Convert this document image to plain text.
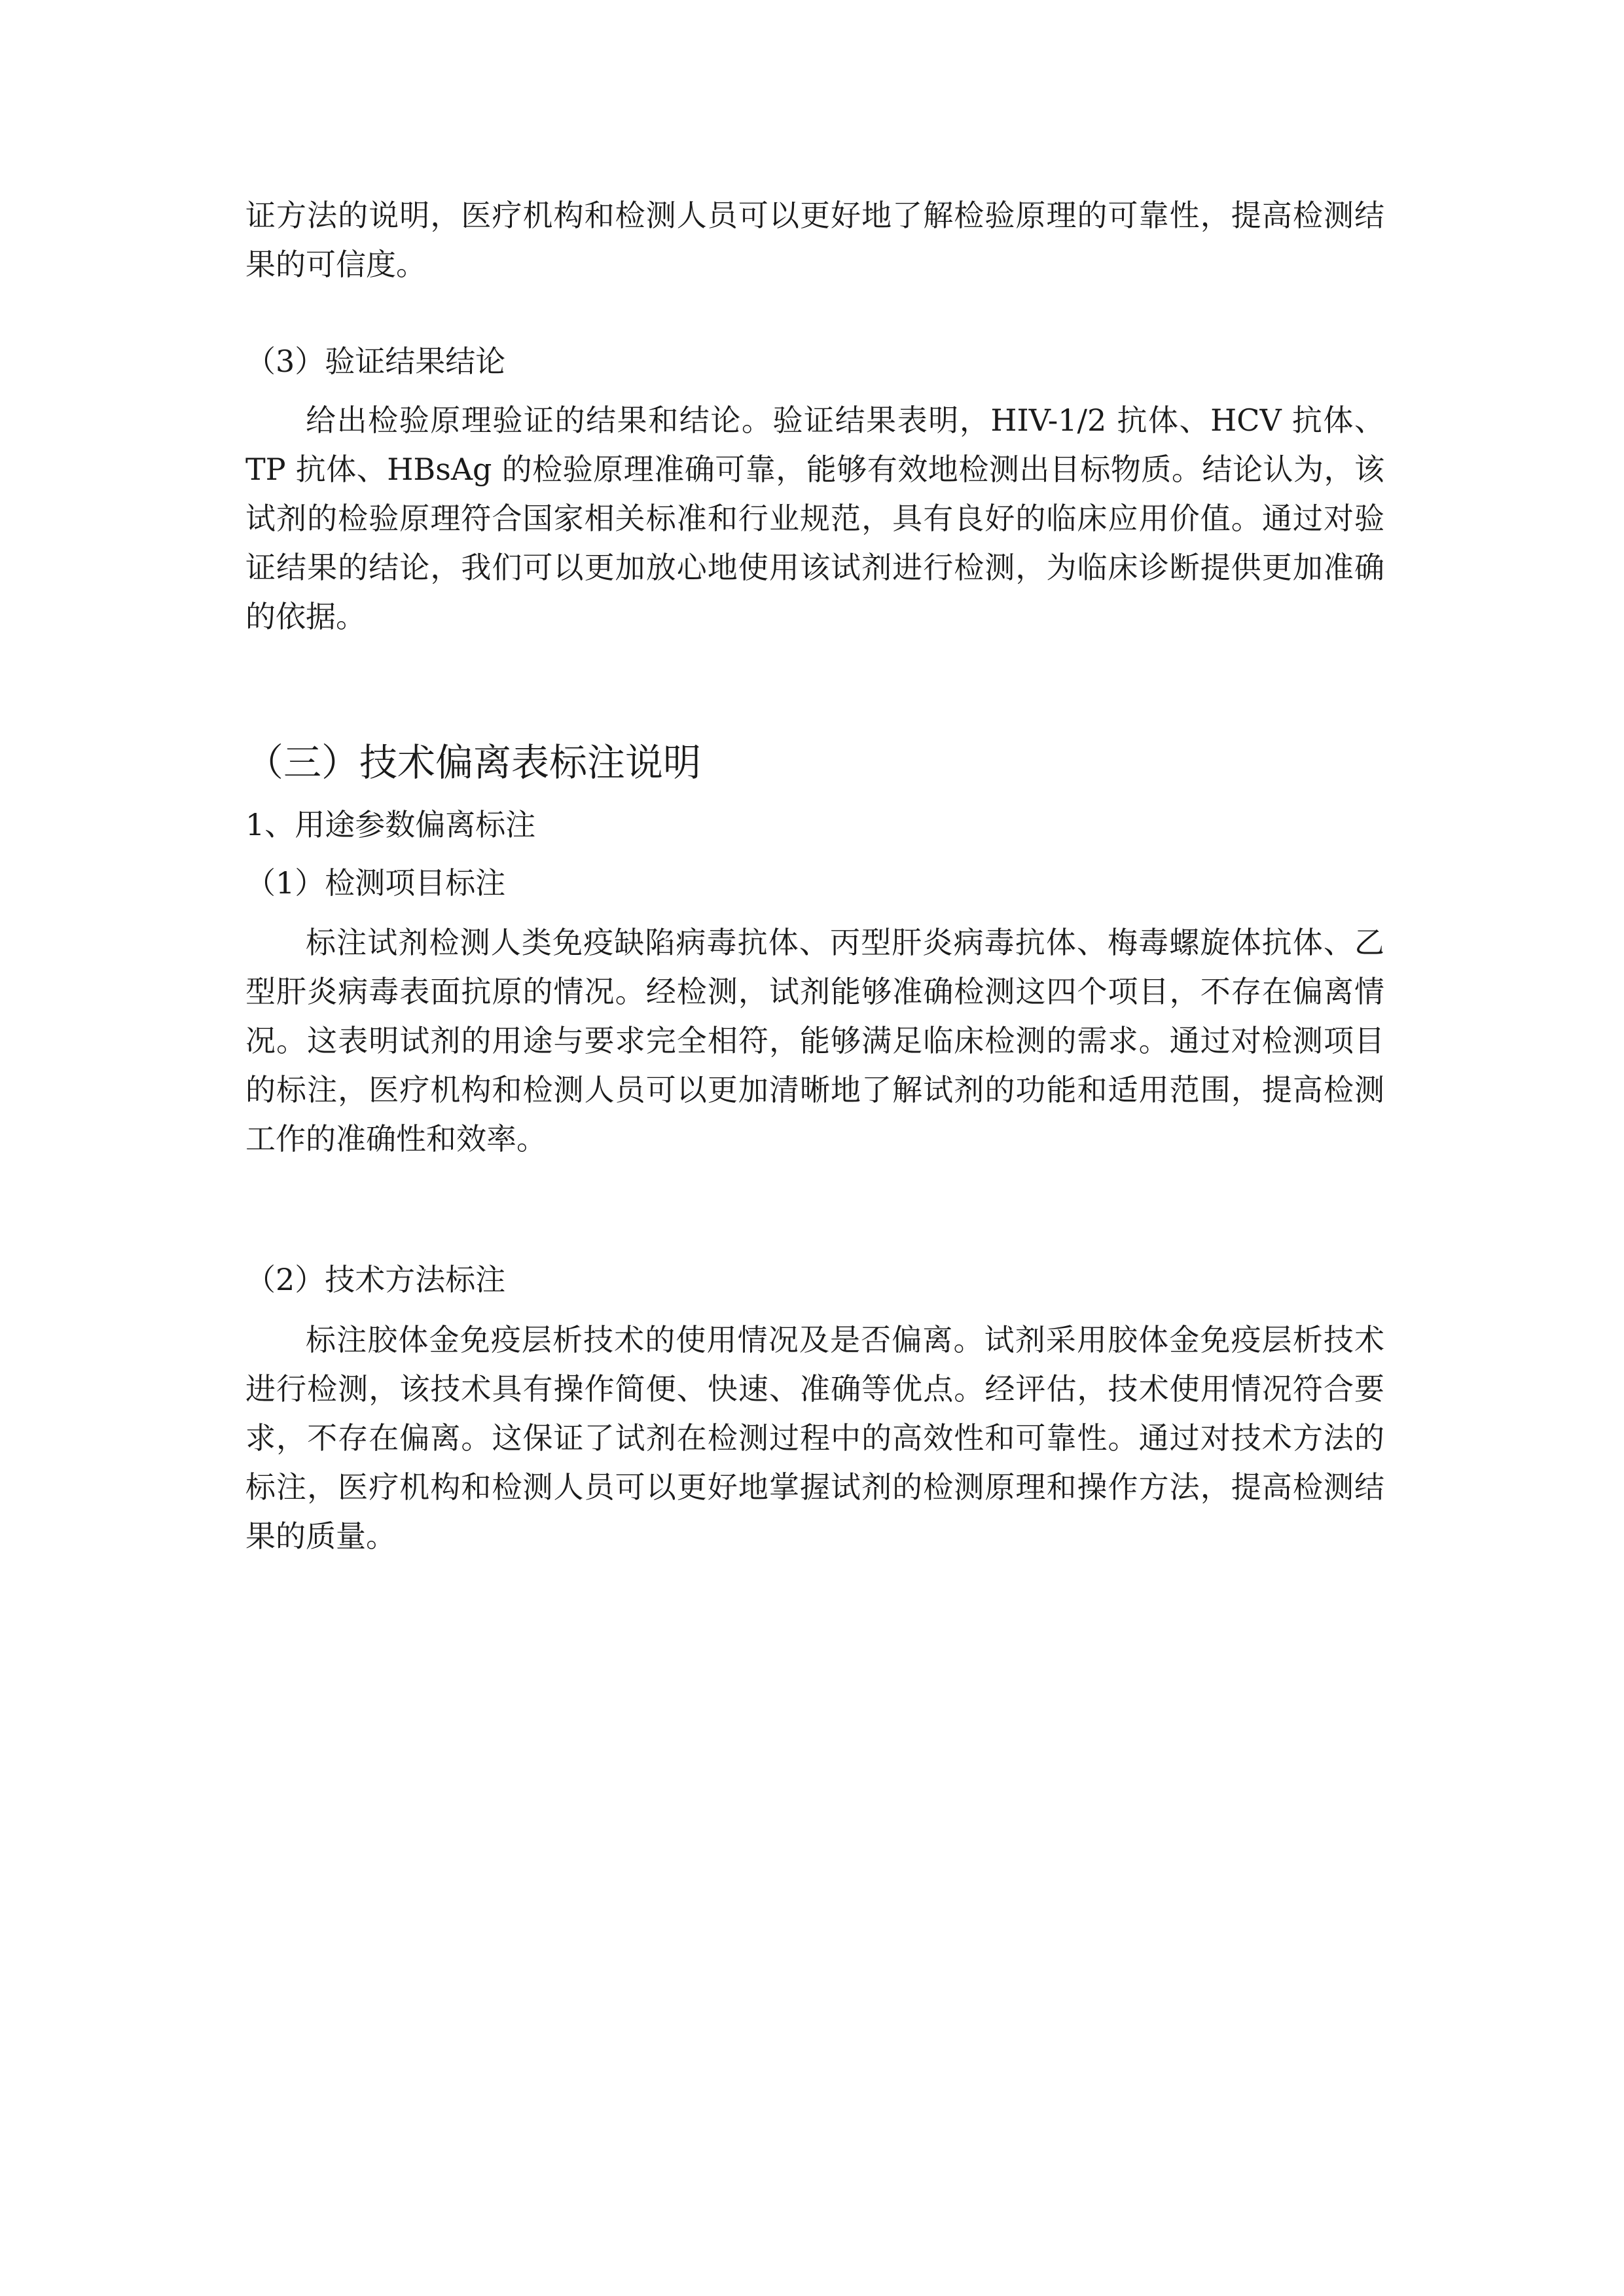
证方法的说明，医疗机构和检测人员可以更好地了解检验原理的可靠性，提高检测结果的可信度。

（3）验证结果结论

给出检验原理验证的结果和结论。验证结果表明，HIV-1/2 抗体、HCV 抗体、TP 抗体、HBsAg 的检验原理准确可靠，能够有效地检测出目标物质。结论认为，该试剂的检验原理符合国家相关标准和行业规范，具有良好的临床应用价值。通过对验证结果的结论，我们可以更加放心地使用该试剂进行检测，为临床诊断提供更加准确的依据。

（三）技术偏离表标注说明
1、用途参数偏离标注
（1）检测项目标注

标注试剂检测人类免疫缺陷病毒抗体、丙型肝炎病毒抗体、梅毒螺旋体抗体、乙型肝炎病毒表面抗原的情况。经检测，试剂能够准确检测这四个项目，不存在偏离情况。这表明试剂的用途与要求完全相符，能够满足临床检测的需求。通过对检测项目的标注，医疗机构和检测人员可以更加清晰地了解试剂的功能和适用范围，提高检测工作的准确性和效率。

（2）技术方法标注

标注胶体金免疫层析技术的使用情况及是否偏离。试剂采用胶体金免疫层析技术进行检测，该技术具有操作简便、快速、准确等优点。经评估，技术使用情况符合要求，不存在偏离。这保证了试剂在检测过程中的高效性和可靠性。通过对技术方法的标注，医疗机构和检测人员可以更好地掌握试剂的检测原理和操作方法，提高检测结果的质量。
